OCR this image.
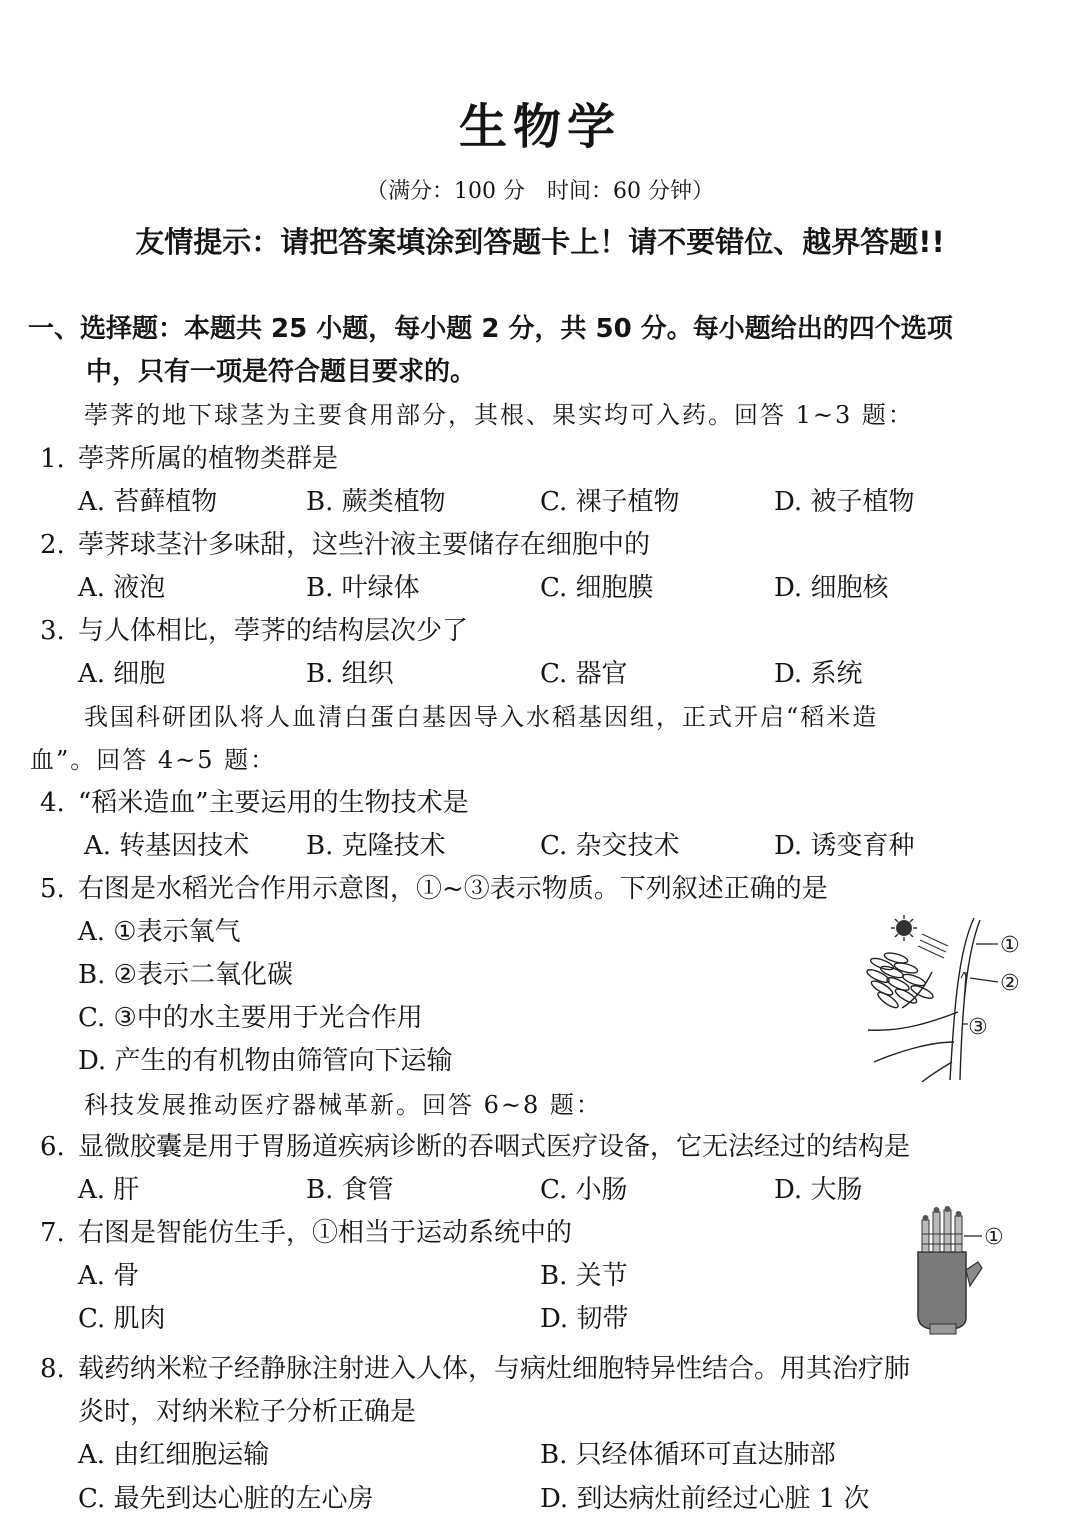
生物学
（满分：100 分　时间：60 分钟）
友情提示：请把答案填涂到答题卡上！请不要错位、越界答题!!
一、选择题：本题共 25 小题，每小题 2 分，共 50 分。每小题给出的四个选项
中，只有一项是符合题目要求的。
荸荠的地下球茎为主要食用部分，其根、果实均可入药。回答 1~3 题：
1. 荸荠所属的植物类群是
A. 苔藓植物	B. 蕨类植物	C. 裸子植物	D. 被子植物
2. 荸荠球茎汁多味甜，这些汁液主要储存在细胞中的
A. 液泡	B. 叶绿体	C. 细胞膜	D. 细胞核
3. 与人体相比，荸荠的结构层次少了
A. 细胞	B. 组织	C. 器官	D. 系统
我国科研团队将人血清白蛋白基因导入水稻基因组，正式开启“稻米造
血”。回答 4~5 题：
4. “稻米造血”主要运用的生物技术是
A. 转基因技术 B. 克隆技术	C. 杂交技术	D. 诱变育种
5. 右图是水稻光合作用示意图，①~③表示物质。下列叙述正确的是
A. ①表示氧气
B. ②表示二氧化碳
C. ③中的水主要用于光合作用
D. 产生的有机物由筛管向下运输
①
②
③
科技发展推动医疗器械革新。回答 6~8 题：
6. 显微胶囊是用于胃肠道疾病诊断的吞咽式医疗设备，它无法经过的结构是
A. 肝	B. 食管	C. 小肠	D. 大肠
7. 右图是智能仿生手，①相当于运动系统中的
A. 骨	B. 关节
C. 肌肉	D. 韧带
①
8. 载药纳米粒子经静脉注射进入人体，与病灶细胞特异性结合。用其治疗肺
炎时，对纳米粒子分析正确是
A. 由红细胞运输	B. 只经体循环可直达肺部
C. 最先到达心脏的左心房	D. 到达病灶前经过心脏 1 次
